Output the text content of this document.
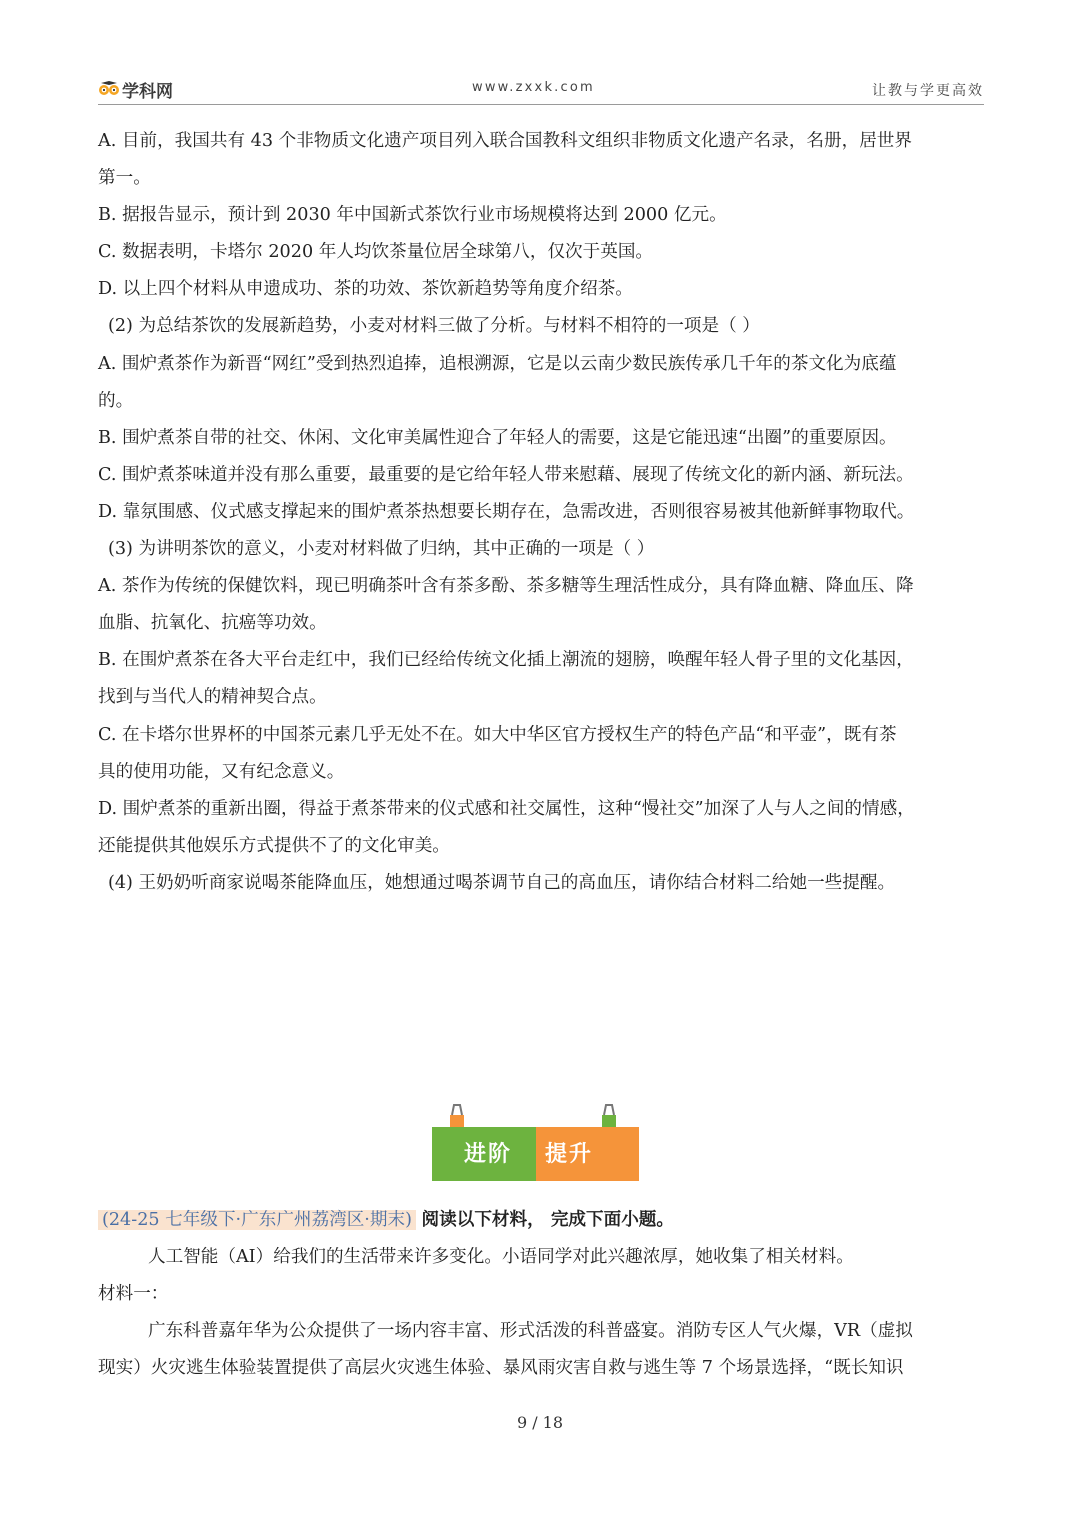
学科网	www.zxxk.com	让教与学更高效

A. 目前，我国共有 43 个非物质文化遗产项目列入联合国教科文组织非物质文化遗产名录，名册，居世界

第一。

B. 据报告显示，预计到 2030 年中国新式茶饮行业市场规模将达到 2000 亿元。

C. 数据表明，卡塔尔 2020 年人均饮茶量位居全球第八，仅次于英国。

D. 以上四个材料从申遗成功、茶的功效、茶饮新趋势等角度介绍茶。

(2) 为总结茶饮的发展新趋势，小麦对材料三做了分析。与材料不相符的一项是（ ）

A. 围炉煮茶作为新晋“网红”受到热烈追捧，追根溯源，它是以云南少数民族传承几千年的茶文化为底蕴

的。

B. 围炉煮茶自带的社交、休闲、文化审美属性迎合了年轻人的需要，这是它能迅速“出圈”的重要原因。

C. 围炉煮茶味道并没有那么重要，最重要的是它给年轻人带来慰藉、展现了传统文化的新内涵、新玩法。

D. 靠氛围感、仪式感支撑起来的围炉煮茶热想要长期存在，急需改进，否则很容易被其他新鲜事物取代。

(3) 为讲明茶饮的意义，小麦对材料做了归纳，其中正确的一项是（ ）

A. 茶作为传统的保健饮料，现已明确茶叶含有茶多酚、茶多糖等生理活性成分，具有降血糖、降血压、降

血脂、抗氧化、抗癌等功效。

B. 在围炉煮茶在各大平台走红中，我们已经给传统文化插上潮流的翅膀，唤醒年轻人骨子里的文化基因，

找到与当代人的精神契合点。

C. 在卡塔尔世界杯的中国茶元素几乎无处不在。如大中华区官方授权生产的特色产品“和平壶”，既有茶

具的使用功能，又有纪念意义。

D. 围炉煮茶的重新出圈，得益于煮茶带来的仪式感和社交属性，这种“慢社交”加深了人与人之间的情感，

还能提供其他娱乐方式提供不了的文化审美。

(4) 王奶奶听商家说喝茶能降血压，她想通过喝茶调节自己的高血压，请你结合材料二给她一些提醒。

进阶 提升

(24-25 七年级下·广东广州荔湾区·期末) 阅读以下材料， 完成下面小题。

人工智能（AI）给我们的生活带来许多变化。小语同学对此兴趣浓厚，她收集了相关材料。

材料一：

广东科普嘉年华为公众提供了一场内容丰富、形式活泼的科普盛宴。消防专区人气火爆，VR（虚拟

现实）火灾逃生体验装置提供了高层火灾逃生体验、暴风雨灾害自救与逃生等 7 个场景选择，“既长知识

9 / 18
